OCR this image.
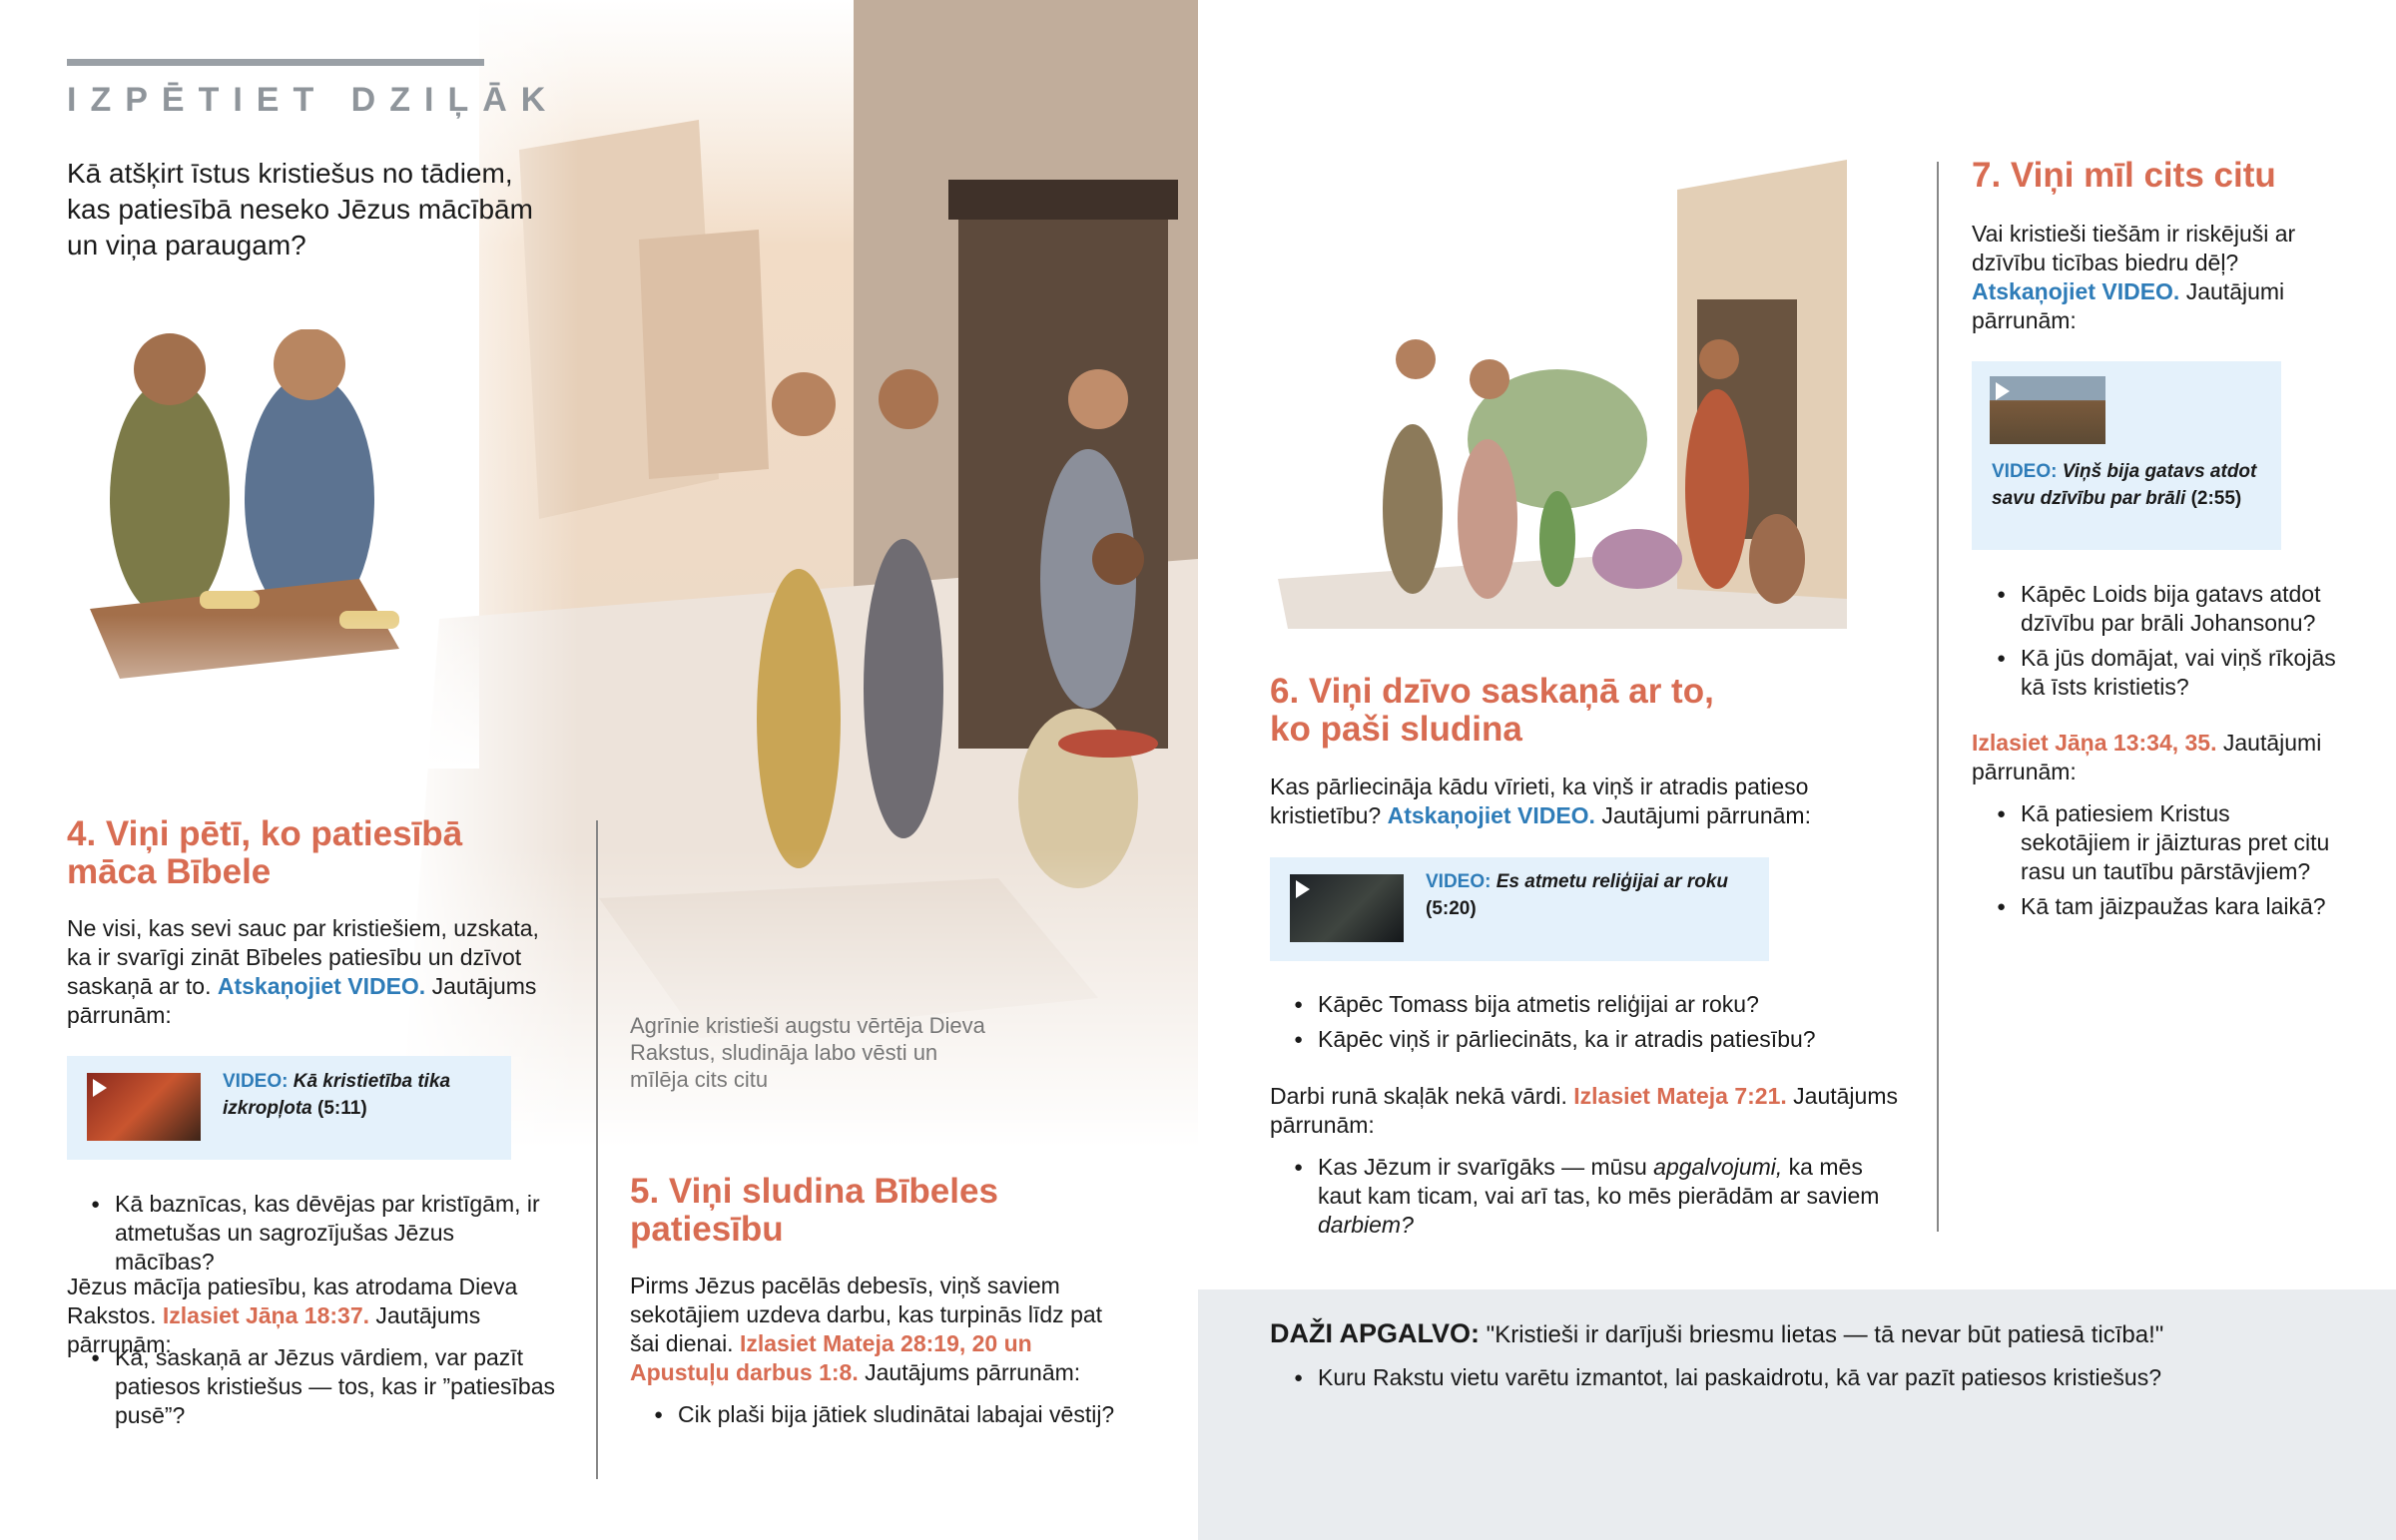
IZPĒTIET DZIĻĀK
Kā atšķirt īstus kristiešus no tādiem, kas patiesībā neseko Jēzus mācībām un viņa paraugam?
4. Viņi pētī, ko patiesībā māca Bībele
Ne visi, kas sevi sauc par kristiešiem, uzskata, ka ir svarīgi zināt Bībeles patiesību un dzīvot saskaņā ar to. Atskaņojiet VIDEO. Jautājums pārrunām:
VIDEO: Kā kristietība tika izkropļota (5:11)
● Kā baznīcas, kas dēvējas par kristīgām, ir atmetušas un sagrozījušas Jēzus mācības?
Jēzus mācīja patiesību, kas atrodama Dieva Rakstos. Izlasiet Jāņa 18:37. Jautājums pārrunām:
● Kā, saskaņā ar Jēzus vārdiem, var pazīt patiesos kristiešus — tos, kas ir ”patiesības pusē”?
Agrīnie kristieši augstu vērtēja Dieva Rakstus, sludināja labo vēsti un mīlēja cits citu
5. Viņi sludina Bībeles patiesību
Pirms Jēzus pacēlās debesīs, viņš saviem sekotājiem uzdeva darbu, kas turpinās līdz pat šai dienai. Izlasiet Mateja 28:19, 20 un Apustuļu darbus 1:8. Jautājums pārrunām:
● Cik plaši bija jātiek sludinātai labajai vēstij?
DAŽI APGALVO: "Kristieši ir darījuši briesmu lietas — tā nevar būt patiesā ticība!"
● Kuru Rakstu vietu varētu izmantot, lai paskaidrotu, kā var pazīt patiesos kristiešus?
6. Viņi dzīvo saskaņā ar to, ko paši sludina
Kas pārliecināja kādu vīrieti, ka viņš ir atradis patieso kristietību? Atskaņojiet VIDEO. Jautājumi pārrunām:
VIDEO: Es atmetu reliģijai ar roku
(5:20)
● Kāpēc Tomass bija atmetis reliģijai ar roku?
● Kāpēc viņš ir pārliecināts, ka ir atradis patiesību?
Darbi runā skaļāk nekā vārdi. Izlasiet Mateja 7:21. Jautājums pārrunām:
● Kas Jēzum ir svarīgāks — mūsu apgalvojumi, ka mēs kaut kam ticam, vai arī tas, ko mēs pierādām ar saviem darbiem?
7. Viņi mīl cits citu
Vai kristieši tiešām ir riskējuši ar dzīvību ticības biedru dēļ? Atskaņojiet VIDEO. Jautājumi pārrunām:
VIDEO: Viņš bija gatavs atdot savu dzīvību par brāli (2:55)
● Kāpēc Loids bija gatavs atdot dzīvību par brāli Johansonu?
● Kā jūs domājat, vai viņš rīkojās kā īsts kristietis?
Izlasiet Jāņa 13:34, 35. Jautājumi pārrunām:
● Kā patiesiem Kristus sekotājiem ir jāizturas pret citu rasu un tautību pārstāvjiem?
● Kā tam jāizpaužas kara laikā?
